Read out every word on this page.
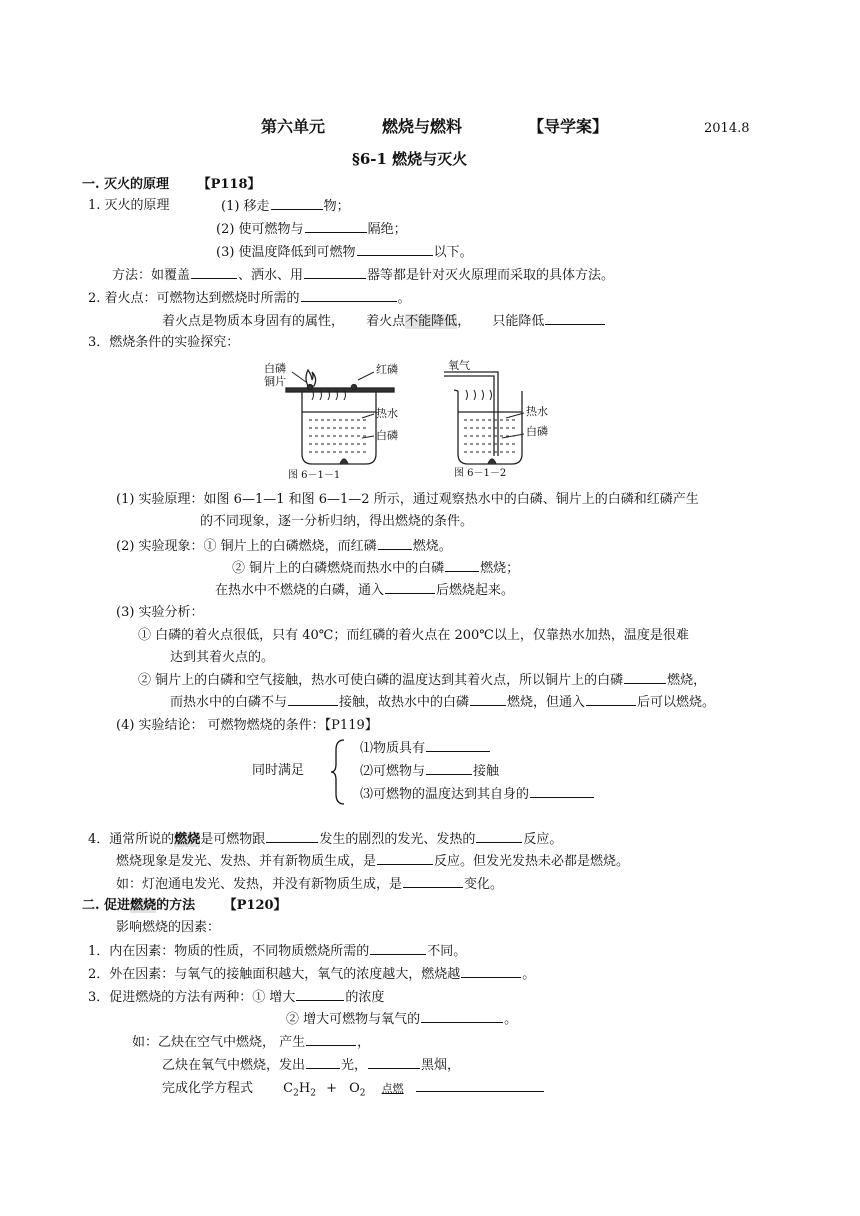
第六单元	燃烧与燃料	【导学案】	2014.8
§6-1 燃烧与灭火
一. 灭火的原理 【P118】
1. 灭火的原理	(1) 移走	物；
(2) 使可燃物与	隔绝；
(3) 使温度降低到可燃物	以下。
方法：如覆盖	、洒水、用	器等都是针对灭火原理而采取的具体方法。
2. 着火点：可燃物达到燃烧时所需的	。
着火点是物质本身固有的属性， 着火点不能降低， 只能降低
3．燃烧条件的实验探究：
白磷
铜片
红磷
热水
白磷
图 6－1－1
氧气
热水
白磷
图 6－1－2
(1) 实验原理：如图 6—1—1 和图 6—1—2 所示，通过观察热水中的白磷、铜片上的白磷和红磷产生
的不同现象，逐一分析归纳，得出燃烧的条件。
(2) 实验现象：① 铜片上的白磷燃烧，而红磷	燃烧。
② 铜片上的白磷燃烧而热水中的白磷	燃烧；
在热水中不燃烧的白磷，通入	后燃烧起来。
(3) 实验分析：
① 白磷的着火点很低，只有 40℃；而红磷的着火点在 200℃以上，仅靠热水加热，温度是很难
达到其着火点的。
② 铜片上的白磷和空气接触，热水可使白磷的温度达到其着火点，所以铜片上的白磷	燃烧，
而热水中的白磷不与	接触，故热水中的白磷	燃烧，但通入	后可以燃烧。
(4) 实验结论： 可燃物燃烧的条件：【P119】
同时满足
⑴物质具有
⑵可燃物与	接触
⑶可燃物的温度达到其自身的
4．通常所说的燃烧是可燃物跟	发生的剧烈的发光、发热的	反应。
燃烧现象是发光、发热、并有新物质生成，是	反应。但发光发热未必都是燃烧。
如：灯泡通电发光、发热，并没有新物质生成，是	变化。
二. 促进燃烧的方法 【P120】
影响燃烧的因素：
1．内在因素：物质的性质，不同物质燃烧所需的	不同。
2．外在因素：与氧气的接触面积越大，氧气的浓度越大，燃烧越	。
3．促进燃烧的方法有两种：① 增大	的浓度
② 增大可燃物与氧气的	。
如：乙炔在空气中燃烧， 产生	，
乙炔在氧气中燃烧，发出	光，	黑烟，
完成化学方程式 $C_2H_2 + O_2$ 点燃
